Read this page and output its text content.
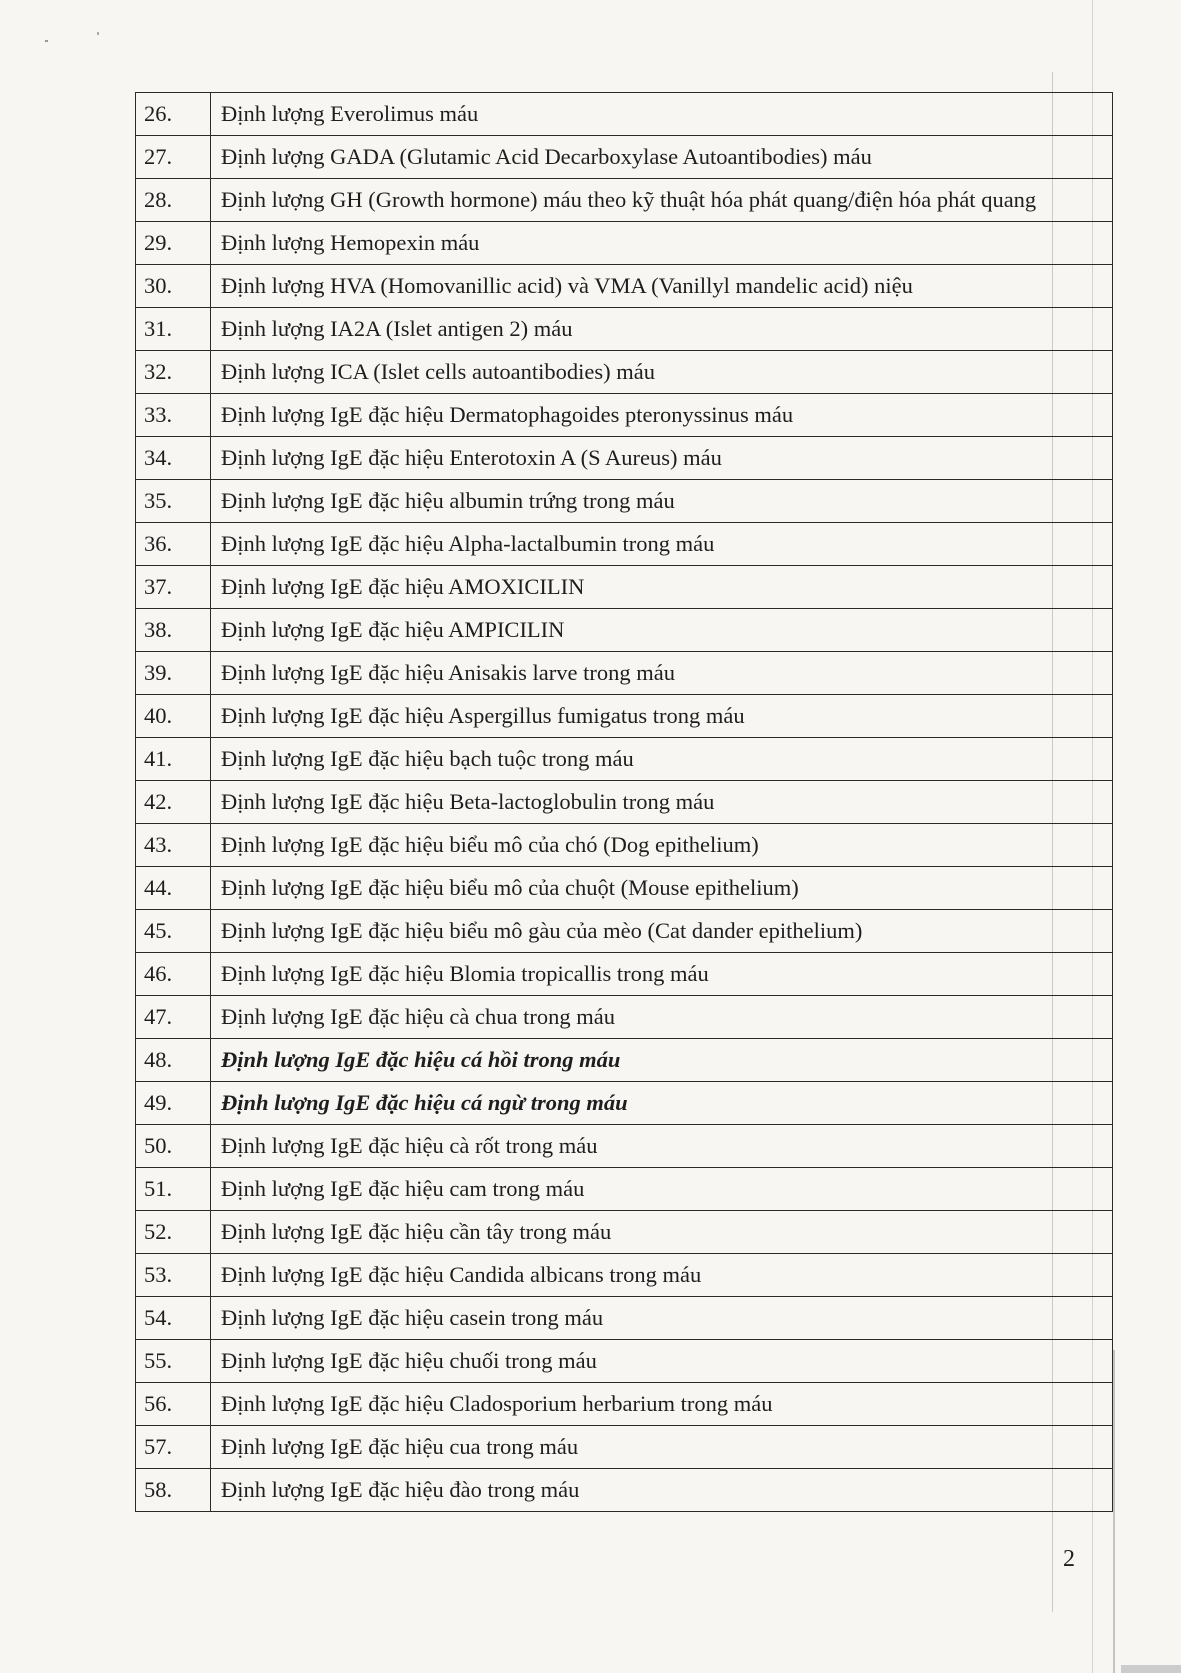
26.	Định lượng Everolimus máu
27.	Định lượng GADA (Glutamic Acid Decarboxylase Autoantibodies) máu
28.	Định lượng GH (Growth hormone) máu theo kỹ thuật hóa phát quang/điện hóa phát quang
29.	Định lượng Hemopexin máu
30.	Định lượng HVA (Homovanillic acid) và VMA (Vanillyl mandelic acid) niệu
31.	Định lượng IA2A (Islet antigen 2) máu
32.	Định lượng ICA (Islet cells autoantibodies) máu
33.	Định lượng IgE đặc hiệu Dermatophagoides pteronyssinus máu
34.	Định lượng IgE đặc hiệu Enterotoxin A (S Aureus) máu
35.	Định lượng IgE đặc hiệu albumin trứng trong máu
36.	Định lượng IgE đặc hiệu Alpha-lactalbumin trong máu
37.	Định lượng IgE đặc hiệu AMOXICILIN
38.	Định lượng IgE đặc hiệu AMPICILIN
39.	Định lượng IgE đặc hiệu Anisakis larve trong máu
40.	Định lượng IgE đặc hiệu Aspergillus fumigatus trong máu
41.	Định lượng IgE đặc hiệu bạch tuộc trong máu
42.	Định lượng IgE đặc hiệu Beta-lactoglobulin trong máu
43.	Định lượng IgE đặc hiệu biểu mô của chó (Dog epithelium)
44.	Định lượng IgE đặc hiệu biểu mô của chuột (Mouse epithelium)
45.	Định lượng IgE đặc hiệu biểu mô gàu của mèo (Cat dander epithelium)
46.	Định lượng IgE đặc hiệu Blomia tropicallis trong máu
47.	Định lượng IgE đặc hiệu cà chua trong máu
48.	Định lượng IgE đặc hiệu cá hồi trong máu
49.	Định lượng IgE đặc hiệu cá ngừ trong máu
50.	Định lượng IgE đặc hiệu cà rốt trong máu
51.	Định lượng IgE đặc hiệu cam trong máu
52.	Định lượng IgE đặc hiệu cần tây trong máu
53.	Định lượng IgE đặc hiệu Candida albicans trong máu
54.	Định lượng IgE đặc hiệu casein trong máu
55.	Định lượng IgE đặc hiệu chuối trong máu
56.	Định lượng IgE đặc hiệu Cladosporium herbarium trong máu
57.	Định lượng IgE đặc hiệu cua trong máu
58.	Định lượng IgE đặc hiệu đào trong máu
2
